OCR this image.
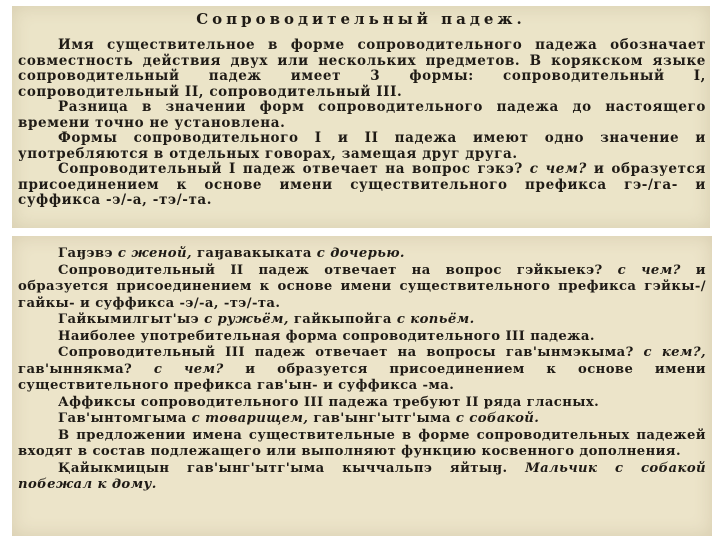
Сопроводительный падеж.

Имя существительное в форме сопроводительного падежа обозначает совместность действия двух или нескольких предметов. В корякском языке сопроводительный падеж имеет 3 формы: сопроводительный I, сопроводительный II, сопроводительный III.

Разница в значении форм сопроводительного падежа до настоящего времени точно не установлена.

Формы сопроводительного I и II падежа имеют одно значение и употребляются в отдельных говорах, замещая друг друга.

Сопроводительный I падеж отвечает на вопрос гэкэ? с чем? и образуется присоединением к основе имени существительного префикса гэ-/га- и суффикса -э/-а, -тэ/-та.

Гаӈэвэ с женой, гаӈавакыката с дочерью.

Сопроводительный II падеж отвечает на вопрос гэйкыекэ? с чем? и образуется присоединением к основе имени существительного префикса гэйкы-/гайкы- и суффикса -э/-а, -тэ/-та.

Гайкымилгыт'ыэ с ружьём, гайкыпойга с копьём.

Наиболее употребительная форма сопроводительного III падежа.

Сопроводительный III падеж отвечает на вопросы гав'ынмэкыма? с кем?, гав'ыннякма? с чем? и образуется присоединением к основе имени существительного префикса гав'ын- и суффикса -ма.

Аффиксы сопроводительного III падежа требуют II ряда гласных.

Гав'ынтомгыма с товарищем, гав'ынг'ытг'ыма с собакой.

В предложении имена существительные в форме сопроводительных падежей входят в состав подлежащего или выполняют функцию косвенного дополнения.

Қайыкмицын гав'ынг'ытг'ыма кыччальпэ яйтыӈ. Мальчик с собакой побежал к дому.
